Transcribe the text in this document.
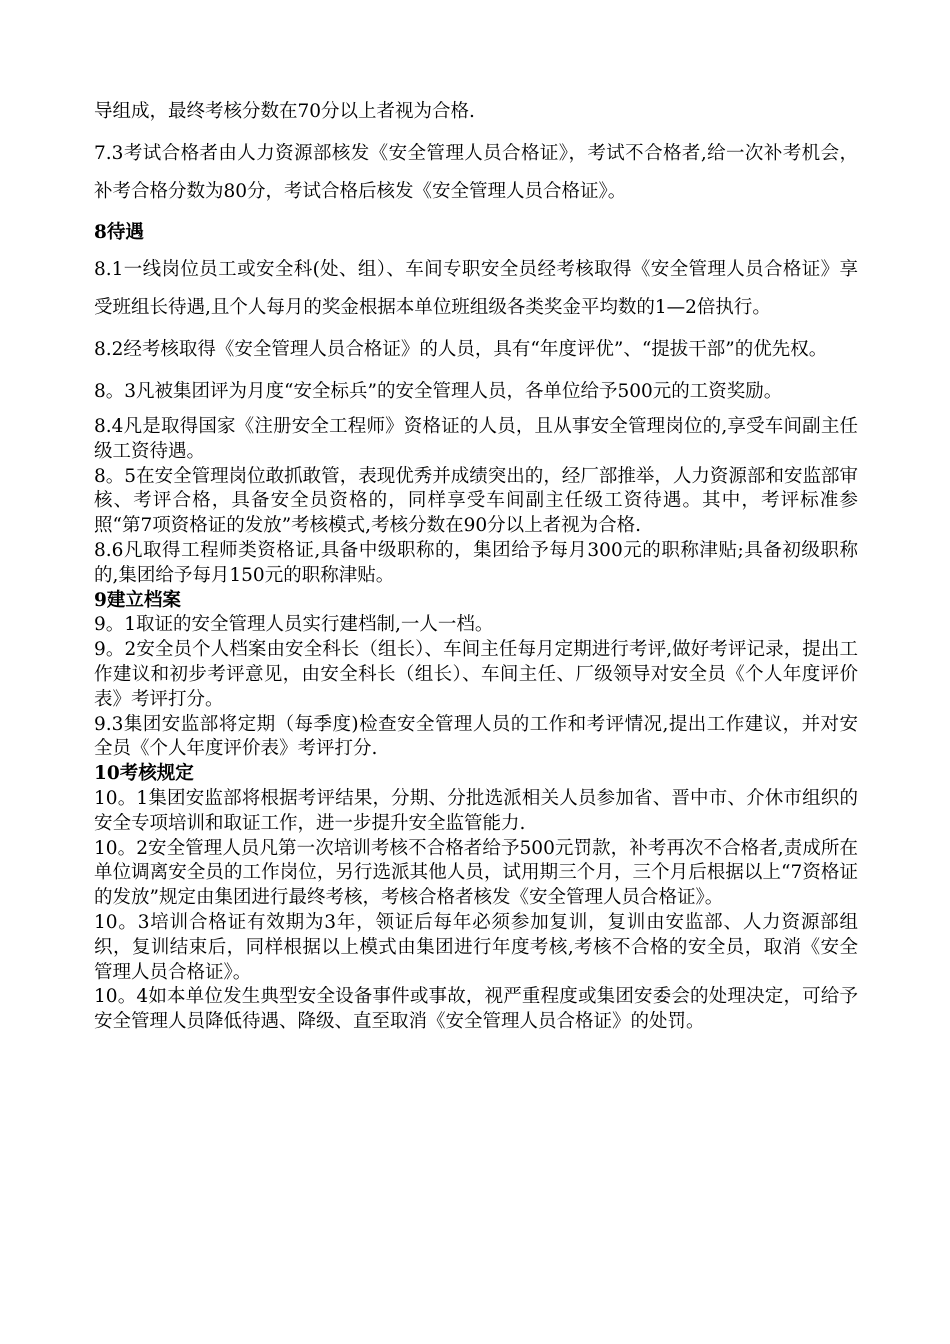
导组成，最终考核分数在70分以上者视为合格.

7.3考试合格者由人力资源部核发《安全管理人员合格证》，考试不合格者,给一次补考机会，补考合格分数为80分，考试合格后核发《安全管理人员合格证》。

8待遇

8.1一线岗位员工或安全科(处、组）、车间专职安全员经考核取得《安全管理人员合格证》享受班组长待遇,且个人每月的奖金根据本单位班组级各类奖金平均数的1—2倍执行。

8.2经考核取得《安全管理人员合格证》的人员，具有“年度评优”、“提拔干部”的优先权。

8。3凡被集团评为月度“安全标兵”的安全管理人员，各单位给予500元的工资奖励。

8.4凡是取得国家《注册安全工程师》资格证的人员，且从事安全管理岗位的,享受车间副主任级工资待遇。

8。5在安全管理岗位敢抓敢管，表现优秀并成绩突出的，经厂部推举，人力资源部和安监部审核、考评合格，具备安全员资格的，同样享受车间副主任级工资待遇。其中，考评标准参照“第7项资格证的发放”考核模式,考核分数在90分以上者视为合格.

8.6凡取得工程师类资格证,具备中级职称的，集团给予每月300元的职称津贴;具备初级职称的,集团给予每月150元的职称津贴。

9建立档案

9。1取证的安全管理人员实行建档制,一人一档。

9。2安全员个人档案由安全科长（组长）、车间主任每月定期进行考评,做好考评记录，提出工作建议和初步考评意见，由安全科长（组长）、车间主任、厂级领导对安全员《个人年度评价表》考评打分。

9.3集团安监部将定期（每季度)检查安全管理人员的工作和考评情况,提出工作建议，并对安全员《个人年度评价表》考评打分.

10考核规定

10。1集团安监部将根据考评结果，分期、分批选派相关人员参加省、晋中市、介休市组织的安全专项培训和取证工作，进一步提升安全监管能力.

10。2安全管理人员凡第一次培训考核不合格者给予500元罚款，补考再次不合格者,责成所在单位调离安全员的工作岗位，另行选派其他人员，试用期三个月，三个月后根据以上“7资格证的发放”规定由集团进行最终考核，考核合格者核发《安全管理人员合格证》。

10。3培训合格证有效期为3年，领证后每年必须参加复训，复训由安监部、人力资源部组织，复训结束后，同样根据以上模式由集团进行年度考核,考核不合格的安全员，取消《安全管理人员合格证》。

10。4如本单位发生典型安全设备事件或事故，视严重程度或集团安委会的处理决定，可给予安全管理人员降低待遇、降级、直至取消《安全管理人员合格证》的处罚。
